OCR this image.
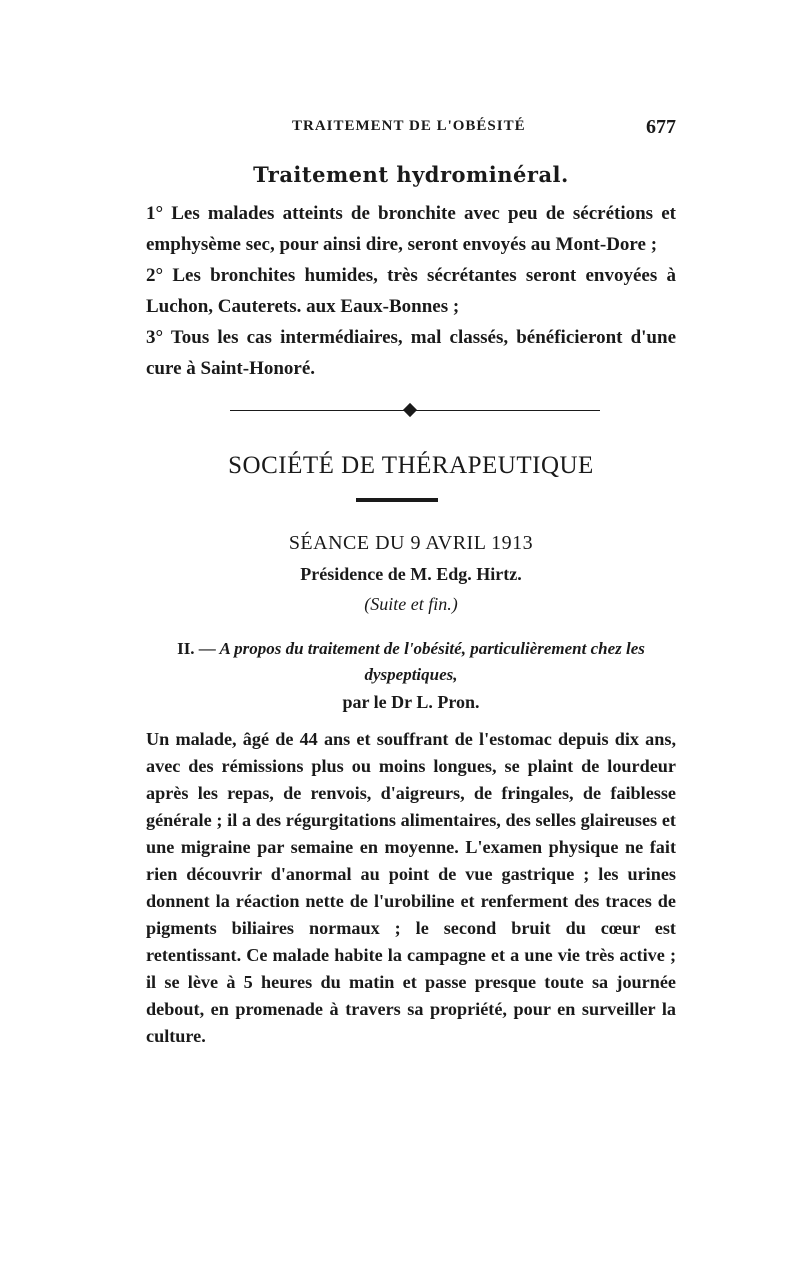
TRAITEMENT DE L'OBÉSITÉ	677
Traitement hydrominéral.

1° Les malades atteints de bronchite avec peu de sécrétions et emphysème sec, pour ainsi dire, seront envoyés au Mont-Dore ;

2° Les bronchites humides, très sécrétantes seront envoyées à Luchon, Cauterets. aux Eaux-Bonnes ;

3° Tous les cas intermédiaires, mal classés, bénéficieront d'une cure à Saint-Honoré.

SOCIÉTÉ DE THÉRAPEUTIQUE
SÉANCE DU 9 AVRIL 1913
Présidence de M. Edg. Hirtz.
(Suite et fin.)
II. — A propos du traitement de l'obésité, particulièrement chez les dyspeptiques,
par le Dr L. Pron.

Un malade, âgé de 44 ans et souffrant de l'estomac depuis dix ans, avec des rémissions plus ou moins longues, se plaint de lourdeur après les repas, de renvois, d'aigreurs, de fringales, de faiblesse générale ; il a des régurgitations alimentaires, des selles glaireuses et une migraine par semaine en moyenne. L'examen physique ne fait rien découvrir d'anormal au point de vue gastrique ; les urines donnent la réaction nette de l'urobiline et renferment des traces de pigments biliaires normaux ; le second bruit du cœur est retentissant. Ce malade habite la campagne et a une vie très active ; il se lève à 5 heures du matin et passe presque toute sa journée debout, en promenade à travers sa propriété, pour en surveiller la culture.
